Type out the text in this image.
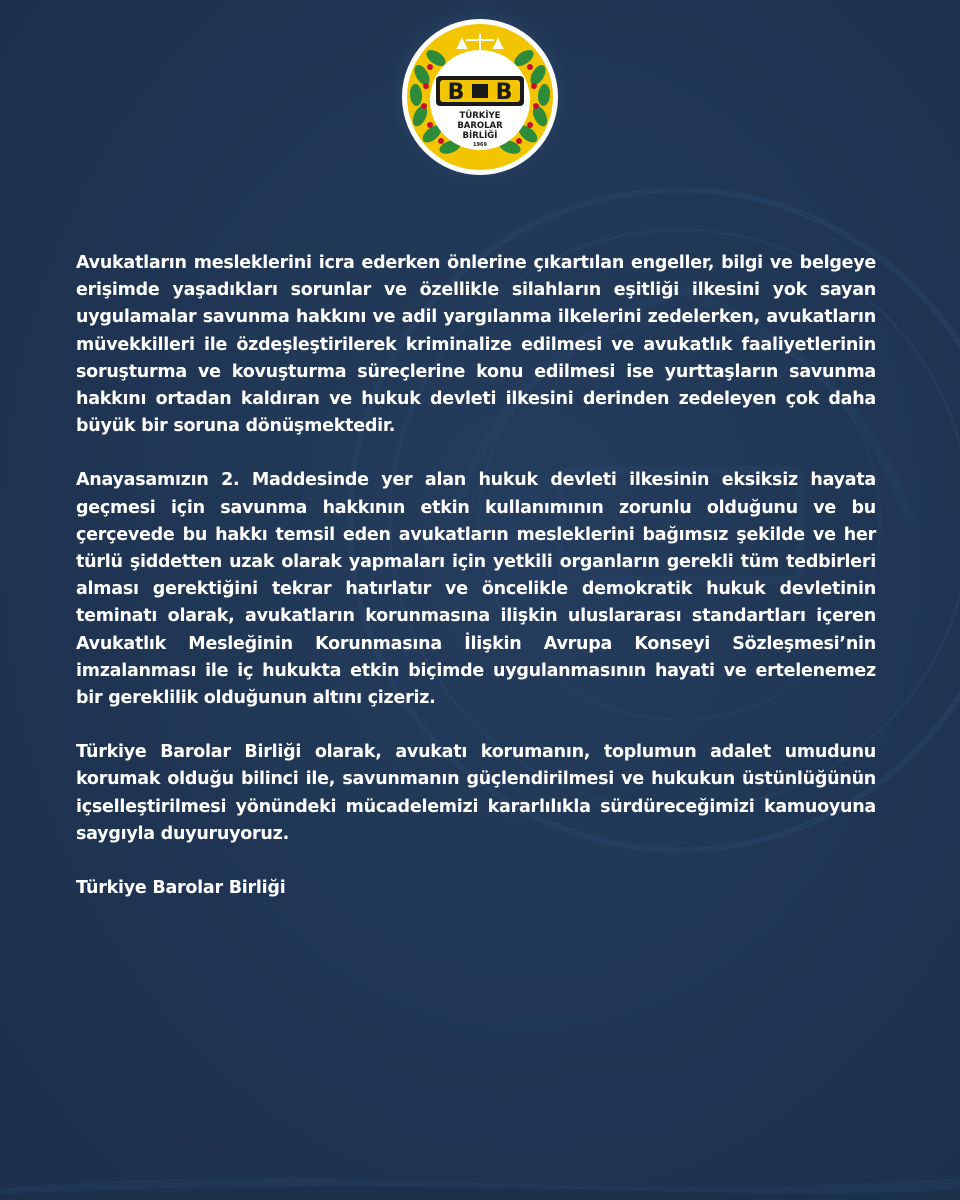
B B
TÜRKİYE
BAROLAR
BİRLİĞİ
1969

Avukatların mesleklerini icra ederken önlerine çıkartılan engeller, bilgi ve belgeye erişimde yaşadıkları sorunlar ve özellikle silahların eşitliği ilkesini yok sayan uygulamalar savunma hakkını ve adil yargılanma ilkelerini zedelerken, avukatların müvekkilleri ile özdeşleştirilerek kriminalize edilmesi ve avukatlık faaliyetlerinin soruşturma ve kovuşturma süreçlerine konu edilmesi ise yurttaşların savunma hakkını ortadan kaldıran ve hukuk devleti ilkesini derinden zedeleyen çok daha büyük bir soruna dönüşmektedir.

Anayasamızın 2. Maddesinde yer alan hukuk devleti ilkesinin eksiksiz hayata geçmesi için savunma hakkının etkin kullanımının zorunlu olduğunu ve bu çerçevede bu hakkı temsil eden avukatların mesleklerini bağımsız şekilde ve her türlü şiddetten uzak olarak yapmaları için yetkili organların gerekli tüm tedbirleri alması gerektiğini tekrar hatırlatır ve öncelikle demokratik hukuk devletinin teminatı olarak, avukatların korunmasına ilişkin uluslararası standartları içeren Avukatlık Mesleğinin Korunmasına İlişkin Avrupa Konseyi Sözleşmesi’nin imzalanması ile iç hukukta etkin biçimde uygulanmasının hayati ve ertelenemez bir gereklilik olduğunun altını çizeriz.

Türkiye Barolar Birliği olarak, avukatı korumanın, toplumun adalet umudunu korumak olduğu bilinci ile, savunmanın güçlendirilmesi ve hukukun üstünlüğünün içselleştirilmesi yönündeki mücadelemizi kararlılıkla sürdüreceğimizi kamuoyuna saygıyla duyuruyoruz.

Türkiye Barolar Birliği
